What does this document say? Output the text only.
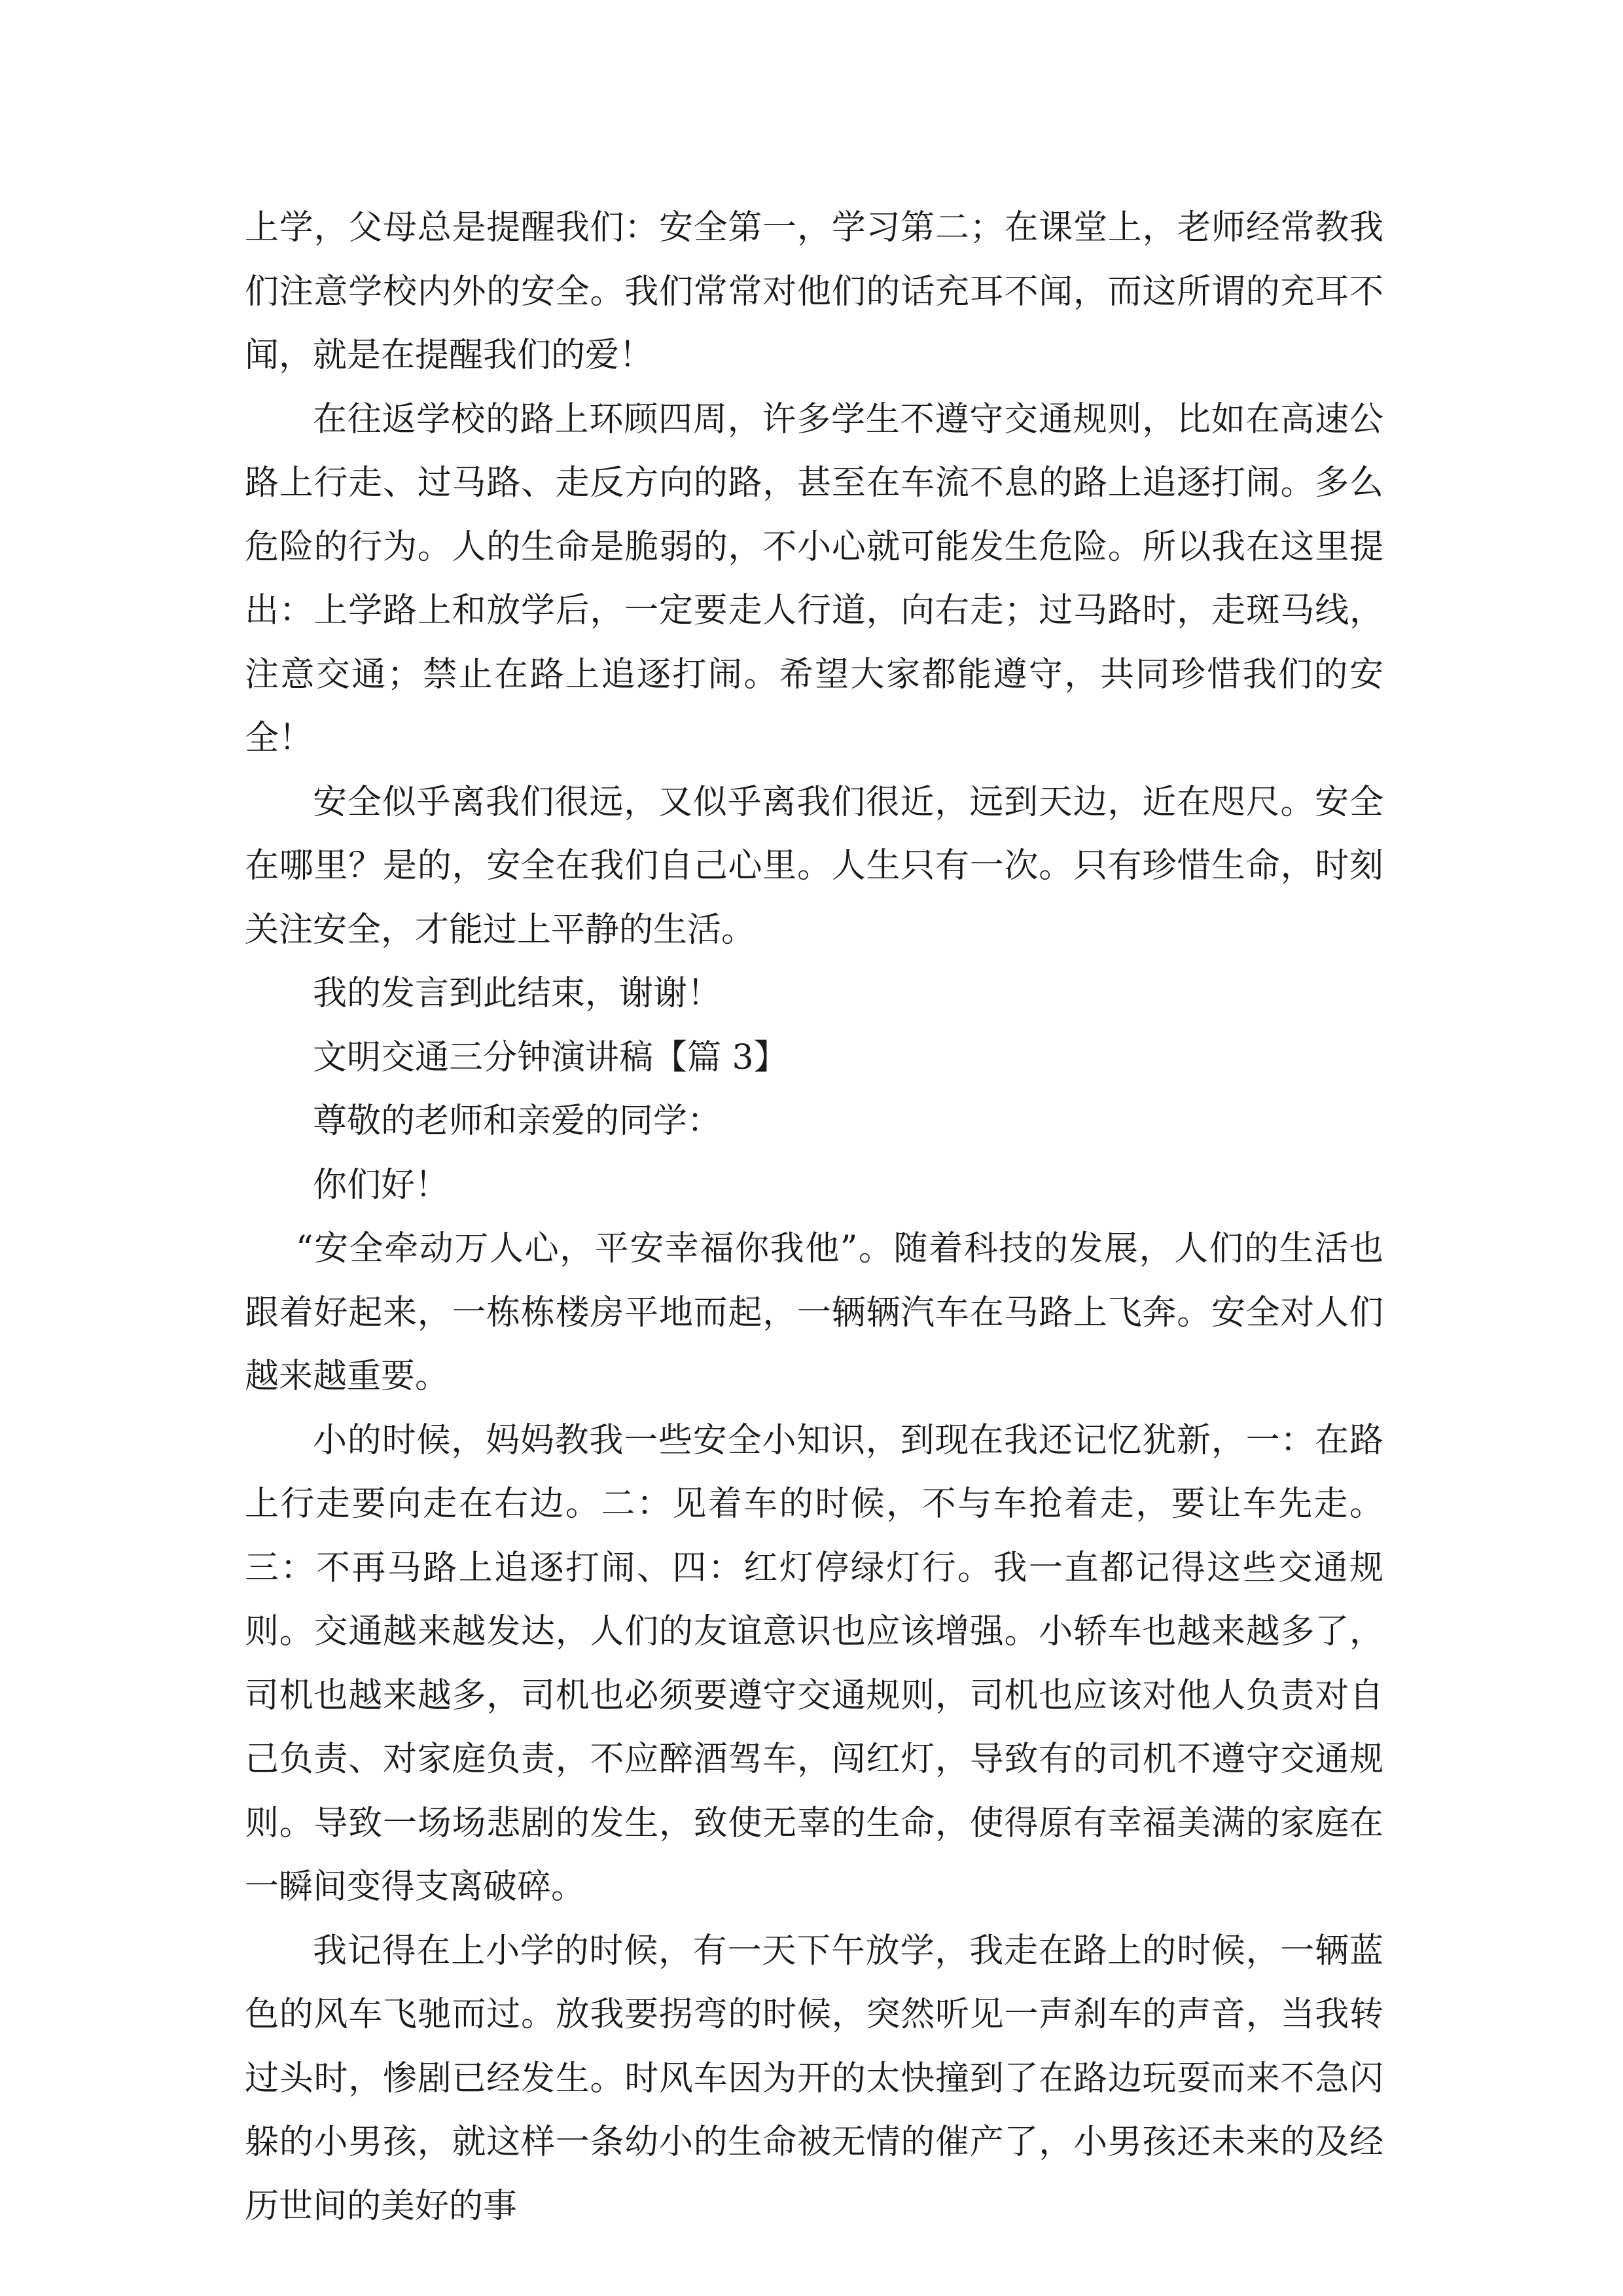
上学，父母总是提醒我们：安全第一，学习第二；在课堂上，老师经常教我们注意学校内外的安全。我们常常对他们的话充耳不闻，而这所谓的充耳不闻，就是在提醒我们的爱！

在往返学校的路上环顾四周，许多学生不遵守交通规则，比如在高速公路上行走、过马路、走反方向的路，甚至在车流不息的路上追逐打闹。多么危险的行为。人的生命是脆弱的，不小心就可能发生危险。所以我在这里提出：上学路上和放学后，一定要走人行道，向右走；过马路时，走斑马线，注意交通；禁止在路上追逐打闹。希望大家都能遵守，共同珍惜我们的安全！

安全似乎离我们很远，又似乎离我们很近，远到天边，近在咫尺。安全在哪里？是的，安全在我们自己心里。人生只有一次。只有珍惜生命，时刻关注安全，才能过上平静的生活。

我的发言到此结束，谢谢！

文明交通三分钟演讲稿【篇 3】

尊敬的老师和亲爱的同学：

你们好！

“安全牵动万人心，平安幸福你我他”。随着科技的发展，人们的生活也跟着好起来，一栋栋楼房平地而起，一辆辆汽车在马路上飞奔。安全对人们越来越重要。

小的时候，妈妈教我一些安全小知识，到现在我还记忆犹新，一：在路上行走要向走在右边。二：见着车的时候，不与车抢着走，要让车先走。三：不再马路上追逐打闹、四：红灯停绿灯行。我一直都记得这些交通规则。交通越来越发达，人们的友谊意识也应该增强。小轿车也越来越多了，司机也越来越多，司机也必须要遵守交通规则，司机也应该对他人负责对自己负责、对家庭负责，不应醉酒驾车，闯红灯，导致有的司机不遵守交通规则。导致一场场悲剧的发生，致使无辜的生命，使得原有幸福美满的家庭在一瞬间变得支离破碎。

我记得在上小学的时候，有一天下午放学，我走在路上的时候，一辆蓝色的风车飞驰而过。放我要拐弯的时候，突然听见一声刹车的声音，当我转过头时，惨剧已经发生。时风车因为开的太快撞到了在路边玩耍而来不急闪躲的小男孩，就这样一条幼小的生命被无情的催产了，小男孩还未来的及经历世间的美好的事
